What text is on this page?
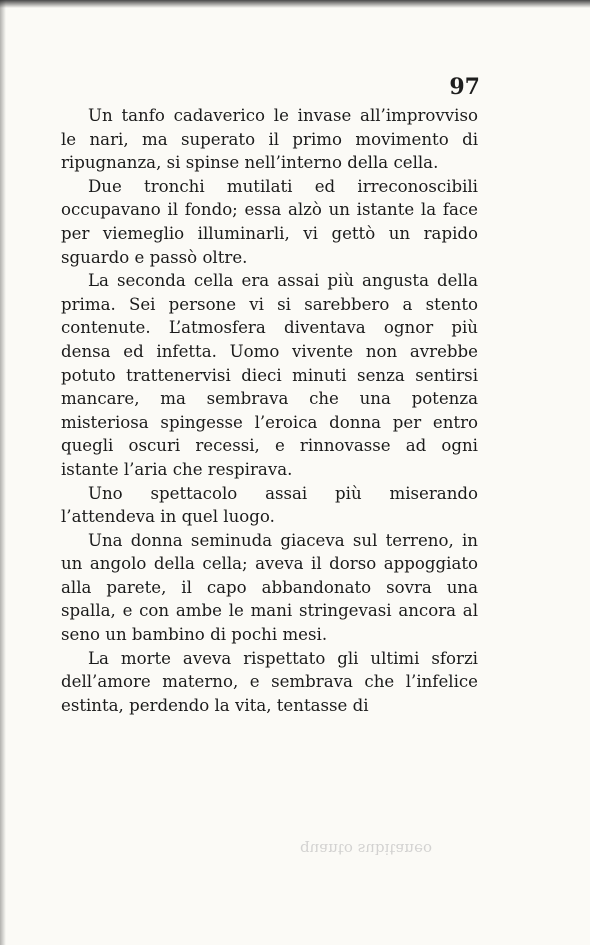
97

Un tanfo cadaverico le invase all’improvviso le nari, ma superato il primo movimento di ripugnanza, si spinse nell’interno della cella.

Due tronchi mutilati ed irreconoscibili occupavano il fondo; essa alzò un istante la face per viemeglio illuminarli, vi gettò un rapido sguardo e passò oltre.

La seconda cella era assai più angusta della prima. Sei persone vi si sarebbero a stento contenute. L’atmosfera diventava ognor più densa ed infetta. Uomo vivente non avrebbe potuto trattenervisi dieci minuti senza sentirsi mancare, ma sembrava che una potenza misteriosa spingesse l’eroica donna per entro quegli oscuri recessi, e rinnovasse ad ogni istante l’aria che respirava.

Uno spettacolo assai più miserando l’attendeva in quel luogo.

Una donna seminuda giaceva sul terreno, in un angolo della cella; aveva il dorso appoggiato alla parete, il capo abbandonato sovra una spalla, e con ambe le mani stringevasi ancora al seno un bambino di pochi mesi.

La morte aveva rispettato gli ultimi sforzi dell’amore materno, e sembrava che l’infelice estinta, perdendo la vita, tentasse di

quanto subitaneo
